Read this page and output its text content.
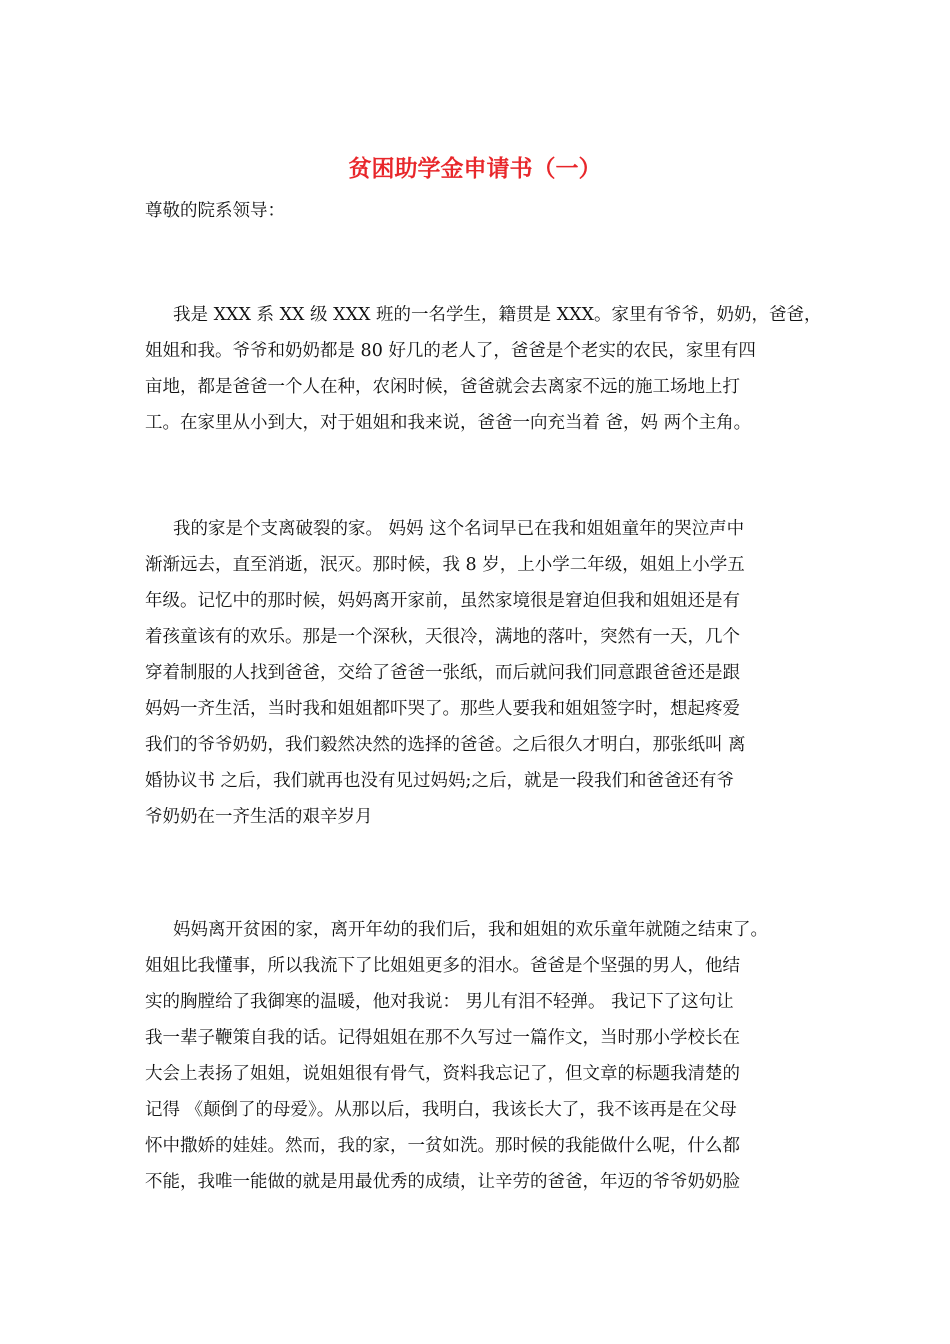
贫困助学金申请书（一）

尊敬的院系领导：

我是 XXX 系 XX 级 XXX 班的一名学生，籍贯是 XXX。家里有爷爷，奶奶，爸爸，
姐姐和我。爷爷和奶奶都是 80 好几的老人了，爸爸是个老实的农民，家里有四
亩地，都是爸爸一个人在种，农闲时候，爸爸就会去离家不远的施工场地上打
工。在家里从小到大，对于姐姐和我来说，爸爸一向充当着 爸，妈 两个主角。
我的家是个支离破裂的家。 妈妈 这个名词早已在我和姐姐童年的哭泣声中
渐渐远去，直至消逝，泯灭。那时候，我 8 岁，上小学二年级，姐姐上小学五
年级。记忆中的那时候，妈妈离开家前，虽然家境很是窘迫但我和姐姐还是有
着孩童该有的欢乐。那是一个深秋，天很冷，满地的落叶，突然有一天，几个
穿着制服的人找到爸爸，交给了爸爸一张纸，而后就问我们同意跟爸爸还是跟
妈妈一齐生活，当时我和姐姐都吓哭了。那些人要我和姐姐签字时，想起疼爱
我们的爷爷奶奶，我们毅然决然的选择的爸爸。之后很久才明白，那张纸叫 离
婚协议书 之后，我们就再也没有见过妈妈;之后，就是一段我们和爸爸还有爷
爷奶奶在一齐生活的艰辛岁月
妈妈离开贫困的家，离开年幼的我们后，我和姐姐的欢乐童年就随之结束了。
姐姐比我懂事，所以我流下了比姐姐更多的泪水。爸爸是个坚强的男人，他结
实的胸膛给了我御寒的温暖，他对我说： 男儿有泪不轻弹。 我记下了这句让
我一辈子鞭策自我的话。记得姐姐在那不久写过一篇作文，当时那小学校长在
大会上表扬了姐姐，说姐姐很有骨气，资料我忘记了，但文章的标题我清楚的
记得 《颠倒了的母爱》。从那以后，我明白，我该长大了，我不该再是在父母
怀中撒娇的娃娃。然而，我的家，一贫如洗。那时候的我能做什么呢，什么都
不能，我唯一能做的就是用最优秀的成绩，让辛劳的爸爸，年迈的爷爷奶奶脸
